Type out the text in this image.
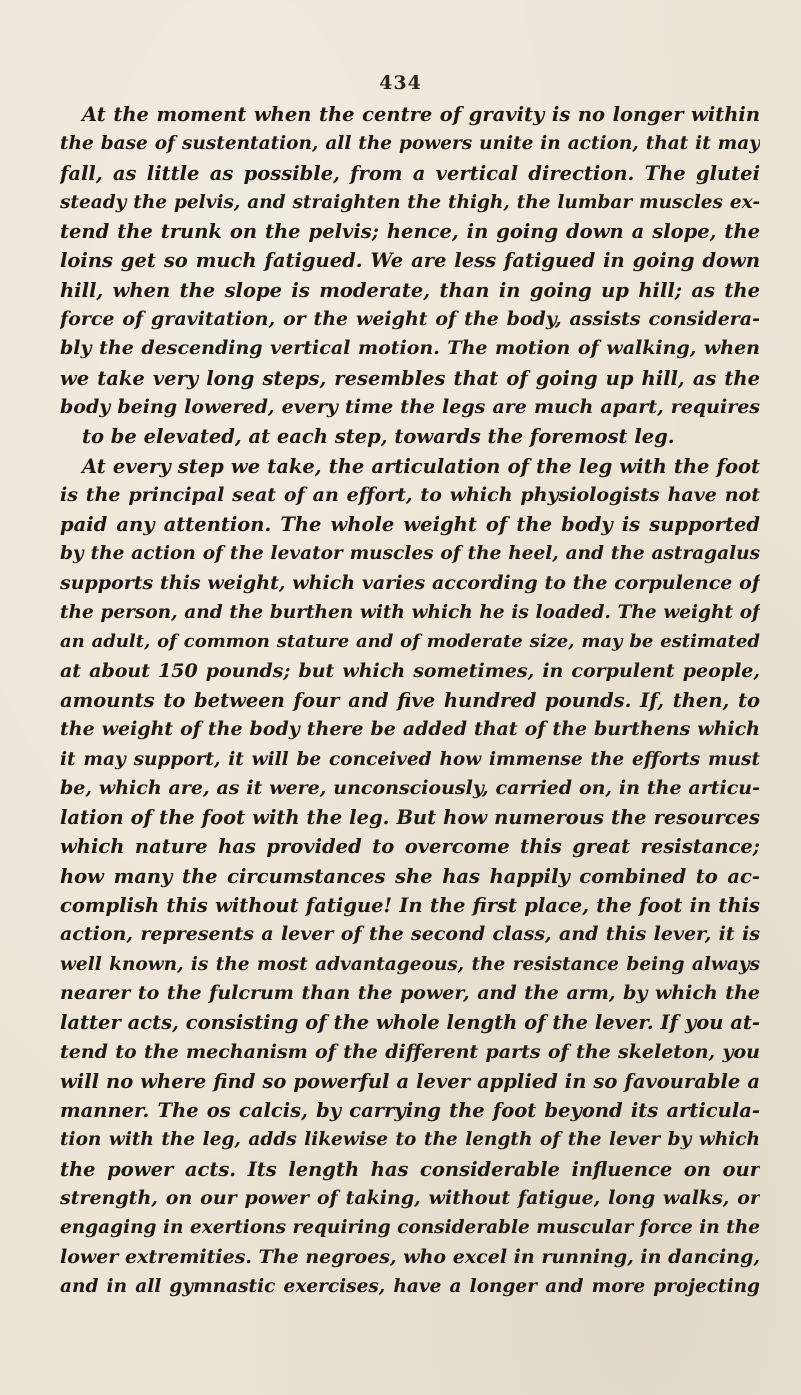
434
At the moment when the centre of gravity is no longer within
the base of sustentation, all the powers unite in action, that it may
fall, as little as possible, from a vertical direction. The glutei
steady the pelvis, and straighten the thigh, the lumbar muscles ex-
tend the trunk on the pelvis; hence, in going down a slope, the
loins get so much fatigued. We are less fatigued in going down
hill, when the slope is moderate, than in going up hill; as the
force of gravitation, or the weight of the body, assists considera-
bly the descending vertical motion. The motion of walking, when
we take very long steps, resembles that of going up hill, as the
body being lowered, every time the legs are much apart, requires
to be elevated, at each step, towards the foremost leg.
At every step we take, the articulation of the leg with the foot
is the principal seat of an effort, to which physiologists have not
paid any attention. The whole weight of the body is supported
by the action of the levator muscles of the heel, and the astragalus
supports this weight, which varies according to the corpulence of
the person, and the burthen with which he is loaded. The weight of
an adult, of common stature and of moderate size, may be estimated
at about 150 pounds; but which sometimes, in corpulent people,
amounts to between four and five hundred pounds. If, then, to
the weight of the body there be added that of the burthens which
it may support, it will be conceived how immense the efforts must
be, which are, as it were, unconsciously, carried on, in the articu-
lation of the foot with the leg. But how numerous the resources
which nature has provided to overcome this great resistance;
how many the circumstances she has happily combined to ac-
complish this without fatigue! In the first place, the foot in this
action, represents a lever of the second class, and this lever, it is
well known, is the most advantageous, the resistance being always
nearer to the fulcrum than the power, and the arm, by which the
latter acts, consisting of the whole length of the lever. If you at-
tend to the mechanism of the different parts of the skeleton, you
will no where find so powerful a lever applied in so favourable a
manner. The os calcis, by carrying the foot beyond its articula-
tion with the leg, adds likewise to the length of the lever by which
the power acts. Its length has considerable influence on our
strength, on our power of taking, without fatigue, long walks, or
engaging in exertions requiring considerable muscular force in the
lower extremities. The negroes, who excel in running, in dancing,
and in all gymnastic exercises, have a longer and more projecting
